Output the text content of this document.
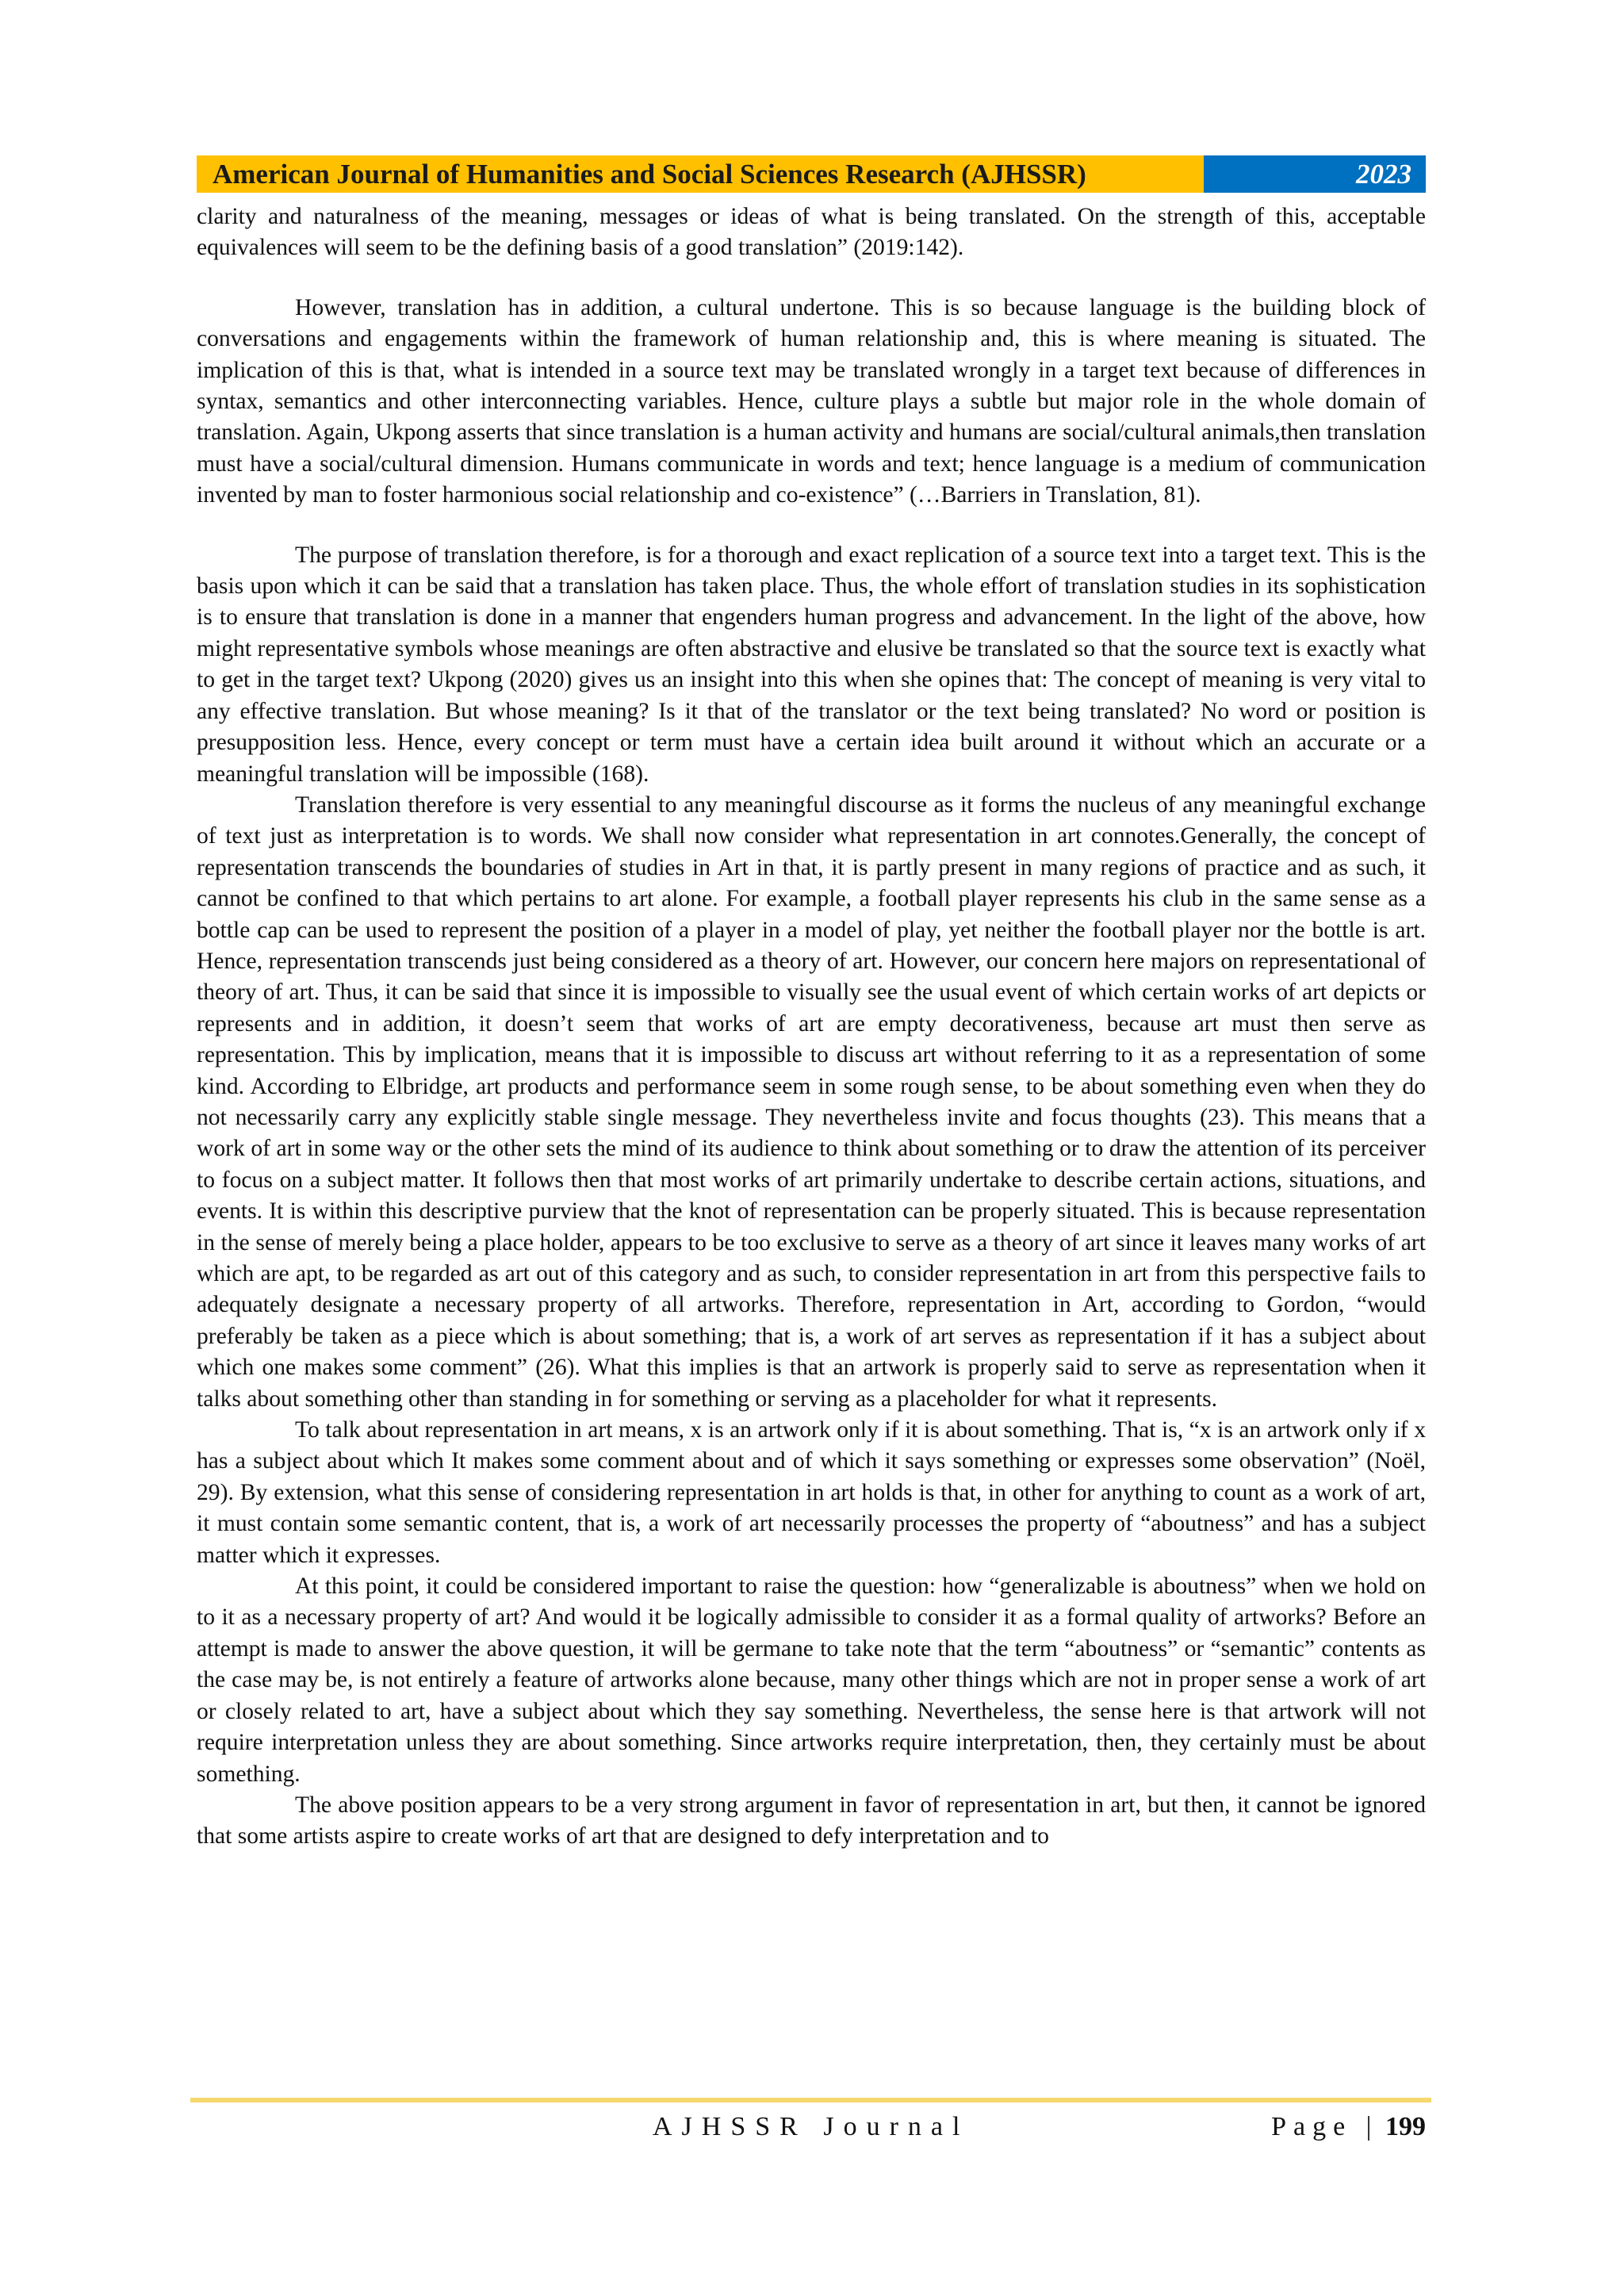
American Journal of Humanities and Social Sciences Research (AJHSSR)	2023

clarity and naturalness of the meaning, messages or ideas of what is being translated. On the strength of this, acceptable equivalences will seem to be the defining basis of a good translation” (2019:142).

However, translation has in addition, a cultural undertone. This is so because language is the building block of conversations and engagements within the framework of human relationship and, this is where meaning is situated. The implication of this is that, what is intended in a source text may be translated wrongly in a target text because of differences in syntax, semantics and other interconnecting variables. Hence, culture plays a subtle but major role in the whole domain of translation. Again, Ukpong asserts that since translation is a human activity and humans are social/cultural animals,then translation must have a social/cultural dimension. Humans communicate in words and text; hence language is a medium of communication invented by man to foster harmonious social relationship and co-existence” (…Barriers in Translation, 81).

The purpose of translation therefore, is for a thorough and exact replication of a source text into a target text. This is the basis upon which it can be said that a translation has taken place. Thus, the whole effort of translation studies in its sophistication is to ensure that translation is done in a manner that engenders human progress and advancement. In the light of the above, how might representative symbols whose meanings are often abstractive and elusive be translated so that the source text is exactly what to get in the target text? Ukpong (2020) gives us an insight into this when she opines that: The concept of meaning is very vital to any effective translation. But whose meaning? Is it that of the translator or the text being translated? No word or position is presupposition less. Hence, every concept or term must have a certain idea built around it without which an accurate or a meaningful translation will be impossible (168).

Translation therefore is very essential to any meaningful discourse as it forms the nucleus of any meaningful exchange of text just as interpretation is to words. We shall now consider what representation in art connotes.Generally, the concept of representation transcends the boundaries of studies in Art in that, it is partly present in many regions of practice and as such, it cannot be confined to that which pertains to art alone. For example, a football player represents his club in the same sense as a bottle cap can be used to represent the position of a player in a model of play, yet neither the football player nor the bottle is art. Hence, representation transcends just being considered as a theory of art. However, our concern here majors on representational of theory of art. Thus, it can be said that since it is impossible to visually see the usual event of which certain works of art depicts or represents and in addition, it doesn’t seem that works of art are empty decorativeness, because art must then serve as representation. This by implication, means that it is impossible to discuss art without referring to it as a representation of some kind. According to Elbridge, art products and performance seem in some rough sense, to be about something even when they do not necessarily carry any explicitly stable single message. They nevertheless invite and focus thoughts (23). This means that a work of art in some way or the other sets the mind of its audience to think about something or to draw the attention of its perceiver to focus on a subject matter. It follows then that most works of art primarily undertake to describe certain actions, situations, and events. It is within this descriptive purview that the knot of representation can be properly situated. This is because representation in the sense of merely being a place holder, appears to be too exclusive to serve as a theory of art since it leaves many works of art which are apt, to be regarded as art out of this category and as such, to consider representation in art from this perspective fails to adequately designate a necessary property of all artworks. Therefore, representation in Art, according to Gordon, “would preferably be taken as a piece which is about something; that is, a work of art serves as representation if it has a subject about which one makes some comment” (26). What this implies is that an artwork is properly said to serve as representation when it talks about something other than standing in for something or serving as a placeholder for what it represents.

To talk about representation in art means, x is an artwork only if it is about something. That is, “x is an artwork only if x has a subject about which It makes some comment about and of which it says something or expresses some observation” (Noël, 29). By extension, what this sense of considering representation in art holds is that, in other for anything to count as a work of art, it must contain some semantic content, that is, a work of art necessarily processes the property of “aboutness” and has a subject matter which it expresses.

At this point, it could be considered important to raise the question: how “generalizable is aboutness” when we hold on to it as a necessary property of art? And would it be logically admissible to consider it as a formal quality of artworks? Before an attempt is made to answer the above question, it will be germane to take note that the term “aboutness” or “semantic” contents as the case may be, is not entirely a feature of artworks alone because, many other things which are not in proper sense a work of art or closely related to art, have a subject about which they say something. Nevertheless, the sense here is that artwork will not require interpretation unless they are about something. Since artworks require interpretation, then, they certainly must be about something.

The above position appears to be a very strong argument in favor of representation in art, but then, it cannot be ignored that some artists aspire to create works of art that are designed to defy interpretation and to

AJHSSR Journal	Page | 199
